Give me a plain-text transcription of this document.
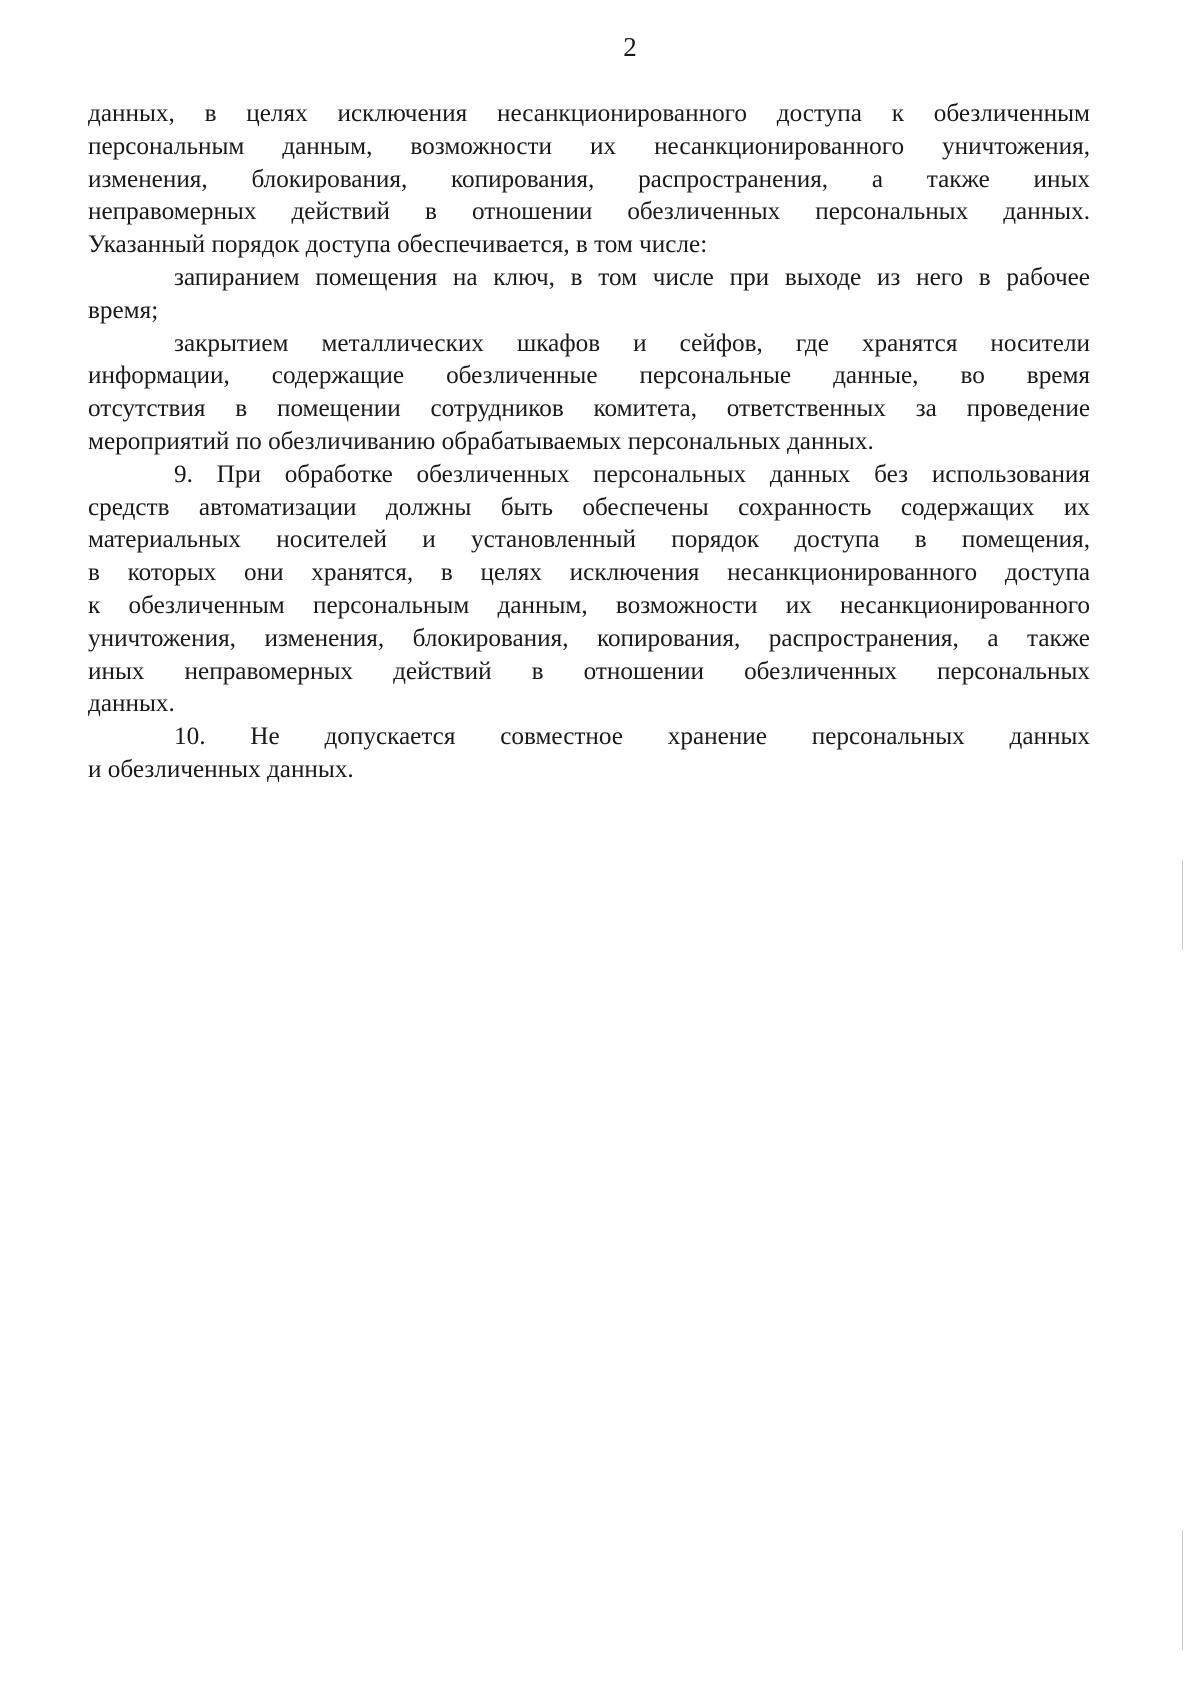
2

данных, в целях исключения несанкционированного доступа к обезличенным
персональным данным, возможности их несанкционированного уничтожения,
изменения, блокирования, копирования, распространения, а также иных
неправомерных действий в отношении обезличенных персональных данных.
Указанный порядок доступа обеспечивается, в том числе:

запиранием помещения на ключ, в том числе при выходе из него в рабочее
время;

закрытием металлических шкафов и сейфов, где хранятся носители
информации, содержащие обезличенные персональные данные, во время
отсутствия в помещении сотрудников комитета, ответственных за проведение
мероприятий по обезличиванию обрабатываемых персональных данных.

9. При обработке обезличенных персональных данных без использования
средств автоматизации должны быть обеспечены сохранность содержащих их
материальных носителей и установленный порядок доступа в помещения,
в которых они хранятся, в целях исключения несанкционированного доступа
к обезличенным персональным данным, возможности их несанкционированного
уничтожения, изменения, блокирования, копирования, распространения, а также
иных неправомерных действий в отношении обезличенных персональных
данных.

10. Не допускается совместное хранение персональных данных
и обезличенных данных.
